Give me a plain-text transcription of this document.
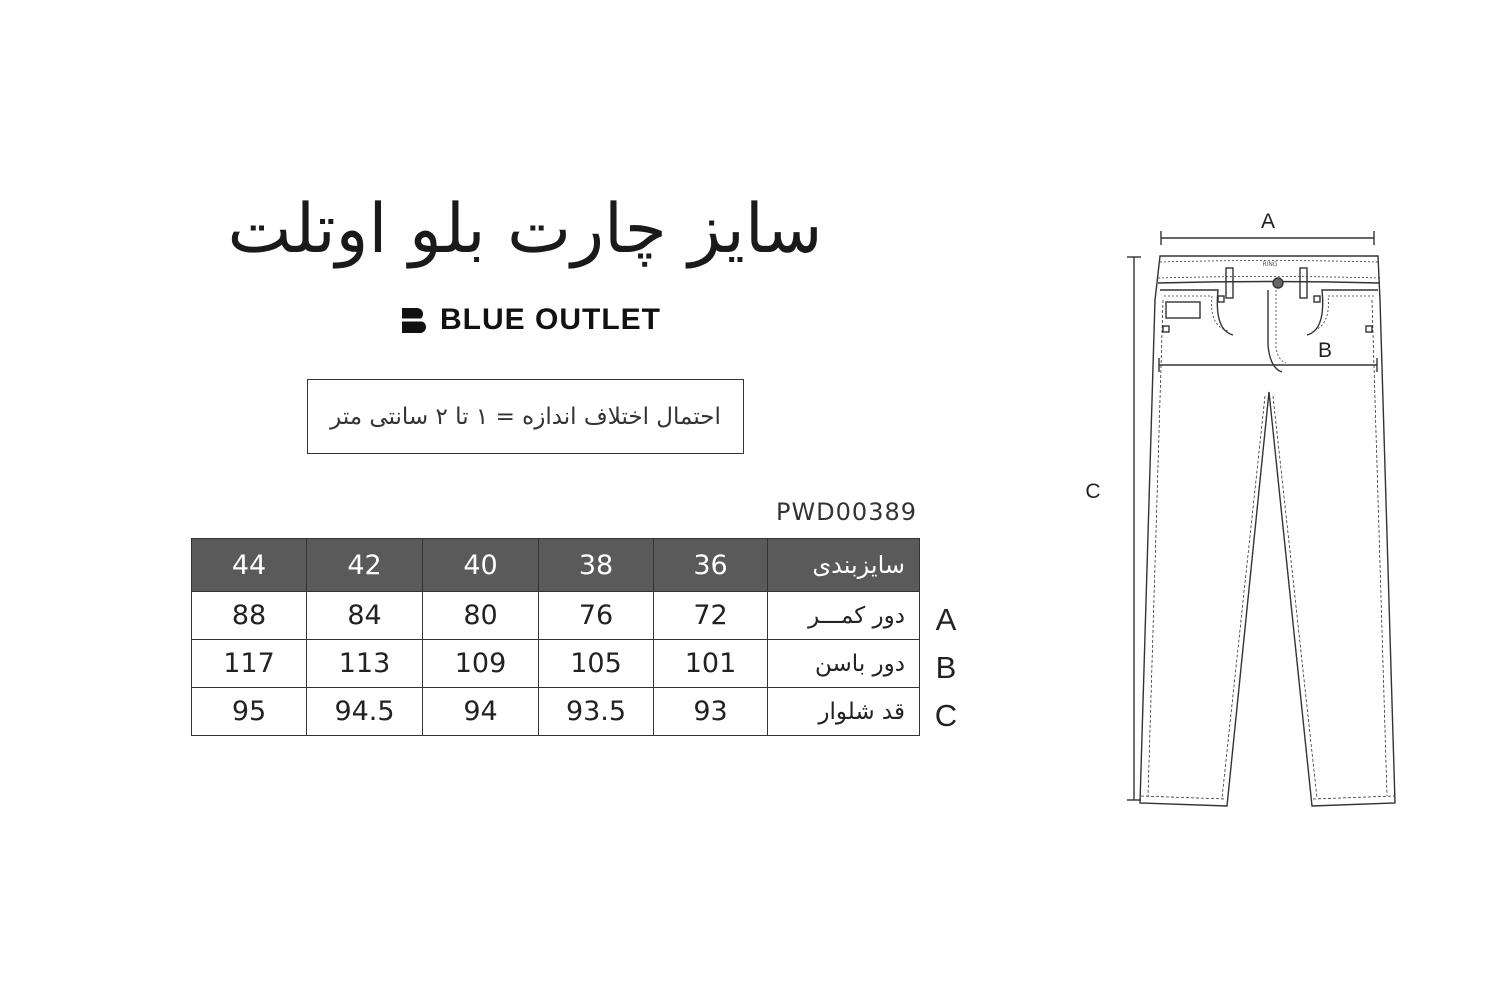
سایز چارت بلو اوتلت
BLUE OUTLET
احتمال اختلاف اندازه = ۱ تا ۲ سانتی متر
PWD00389
44	42	40	38	36	سایزبندی
88	84	80	76	72	دور کمـــر
117	113	109	105	101	دور باسن
95	94.5	94	93.5	93	قد شلوار
A
B
C
A
B
C
RING
